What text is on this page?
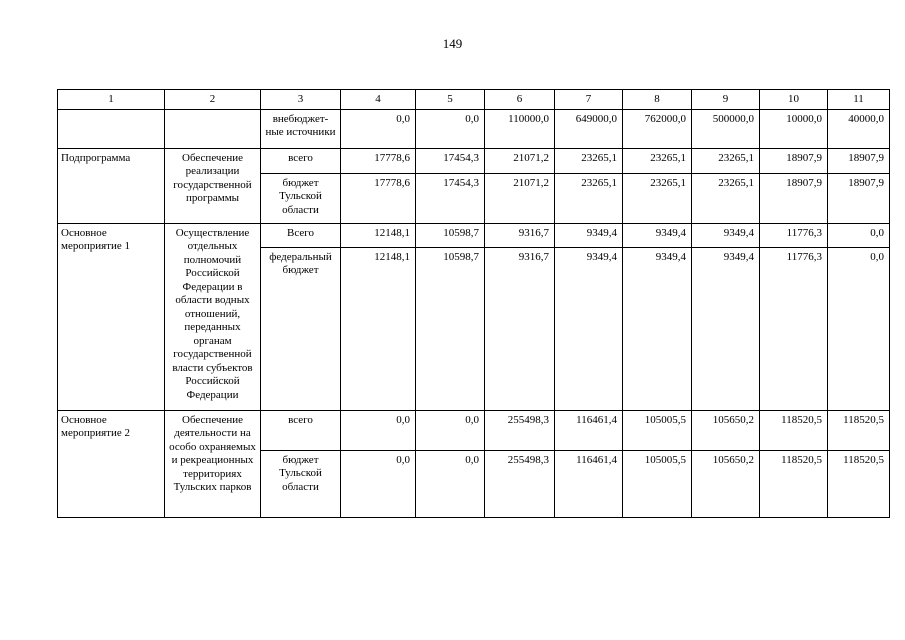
149
1	2	3	4	5	6	7	8	9	10	11
		внебюджет-ные источники	0,0	0,0	110000,0	649000,0	762000,0	500000,0	10000,0	40000,0
Подпрограмма	Обеспечение реализации государственной программы	всего	17778,6	17454,3	21071,2	23265,1	23265,1	23265,1	18907,9	18907,9
		бюджет Тульской области	17778,6	17454,3	21071,2	23265,1	23265,1	23265,1	18907,9	18907,9
Основное мероприятие 1	Осуществление отдельных полномочий Российской Федерации в области водных отношений, переданных органам государственной власти субъектов Российской Федерации	Всего	12148,1	10598,7	9316,7	9349,4	9349,4	9349,4	11776,3	0,0
		федеральный бюджет	12148,1	10598,7	9316,7	9349,4	9349,4	9349,4	11776,3	0,0
Основное мероприятие 2	Обеспечение деятельности на особо охраняемых и рекреационных территориях Тульских парков	всего	0,0	0,0	255498,3	116461,4	105005,5	105650,2	118520,5	118520,5
		бюджет Тульской области	0,0	0,0	255498,3	116461,4	105005,5	105650,2	118520,5	118520,5
